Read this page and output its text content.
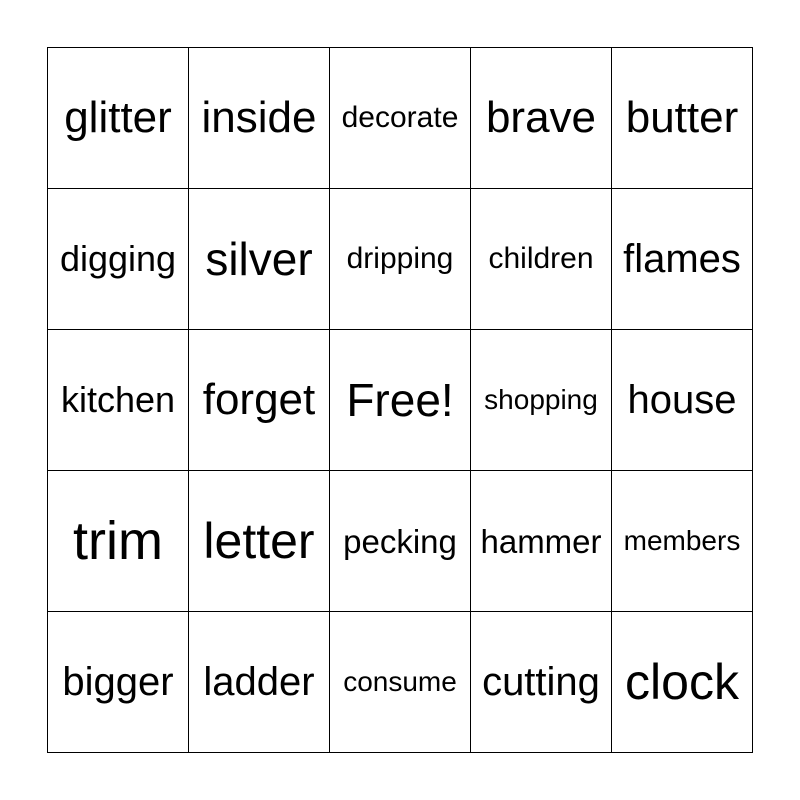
glitter inside decorate brave butter
digging silver dripping children flames
kitchen forget Free! shopping house
trim letter pecking hammer members
bigger ladder consume cutting clock
